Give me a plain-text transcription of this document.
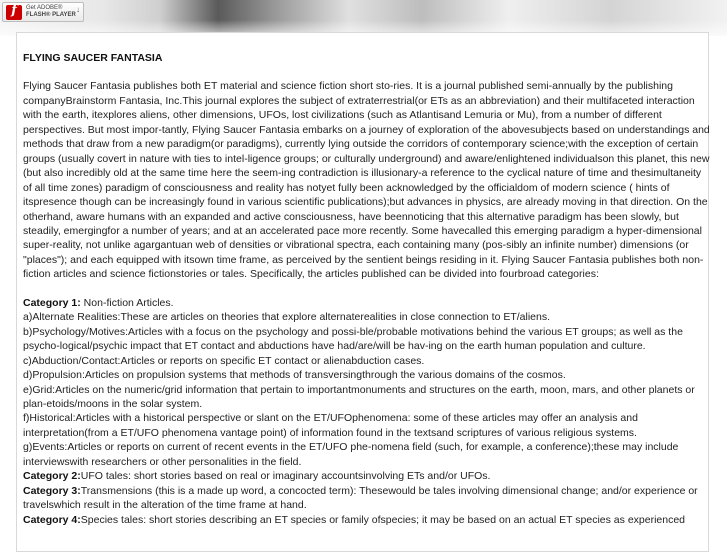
f	Get ADOBE®
FLASH® PLAYER
↓
FLYING SAUCER FANTASIA

Flying Saucer Fantasia publishes both ET material and science fiction short sto-ries. It is a journal published semi-annually by the publishing companyBrainstorm Fantasia, Inc.This journal explores the subject of extraterrestrial(or ETs as an abbreviation) and their multifaceted interaction with the earth, itexplores aliens, other dimensions, UFOs, lost civilizations (such as Atlantisand Lemuria or Mu), from a number of different perspectives. But most impor-tantly, Flying Saucer Fantasia embarks on a journey of exploration of the abovesubjects based on understandings and methods that draw from a new paradigm(or paradigms), currently lying outside the corridors of contemporary science;with the exception of certain groups (usually covert in nature with ties to intel-ligence groups; or culturally underground) and aware/enlightened individualson this planet, this new (but also incredibly old at the same time here the seem-ing contradiction is illusionary-a reference to the cyclical nature of time and thesimultaneity of all time zones) paradigm of consciousness and reality has notyet fully been acknowledged by the officialdom of modern science ( hints of itspresence though can be increasingly found in various scientific publications);but advances in physics, are already moving in that direction. On the otherhand, aware humans with an expanded and active consciousness, have beennoticing that this alternative paradigm has been slowly, but steadily, emergingfor a number of years; and at an accelerated pace more recently. Some havecalled this emerging paradigm a hyper-dimensional super-reality, not unlike agargantuan web of densities or vibrational spectra, each containing many (pos-sibly an infinite number) dimensions (or "places"); and each equipped with itsown time frame, as perceived by the sentient beings residing in it. Flying Saucer Fantasia publishes both non-fiction articles and science fictionstories or tales. Specifically, the articles published can be divided into fourbroad categories:

Category 1: Non-fiction Articles.

a)Alternate Realities:These are articles on theories that explore alternaterealities in close connection to ET/aliens.

b)Psychology/Motives:Articles with a focus on the psychology and possi-ble/probable motivations behind the various ET groups; as well as the psycho-logical/psychic impact that ET contact and abductions have had/are/will be hav-ing on the earth human population and culture.

c)Abduction/Contact:Articles or reports on specific ET contact or alienabduction cases.

d)Propulsion:Articles on propulsion systems that methods of transversingthrough the various domains of the cosmos.

e)Grid:Articles on the numeric/grid information that pertain to importantmonuments and structures on the earth, moon, mars, and other planets or plan-etoids/moons in the solar system.

f)Historical:Articles with a historical perspective or slant on the ET/UFOphenomena: some of these articles may offer an analysis and interpretation(from a ET/UFO phenomena vantage point) of information found in the textsand scriptures of various religious systems.

g)Events:Articles or reports on current of recent events in the ET/UFO phe-nomena field (such, for example, a conference);these may include interviewswith researchers or other personalities in the field.

Category 2:UFO tales: short stories based on real or imaginary accountsinvolving ETs and/or UFOs.

Category 3:Transmensions (this is a made up word, a concocted term): Thesewould be tales involving dimensional change; and/or experience or travelswhich result in the alteration of the time frame at hand.

Category 4:Species tales: short stories describing an ET species or family ofspecies; it may be based on an actual ET species as experienced
